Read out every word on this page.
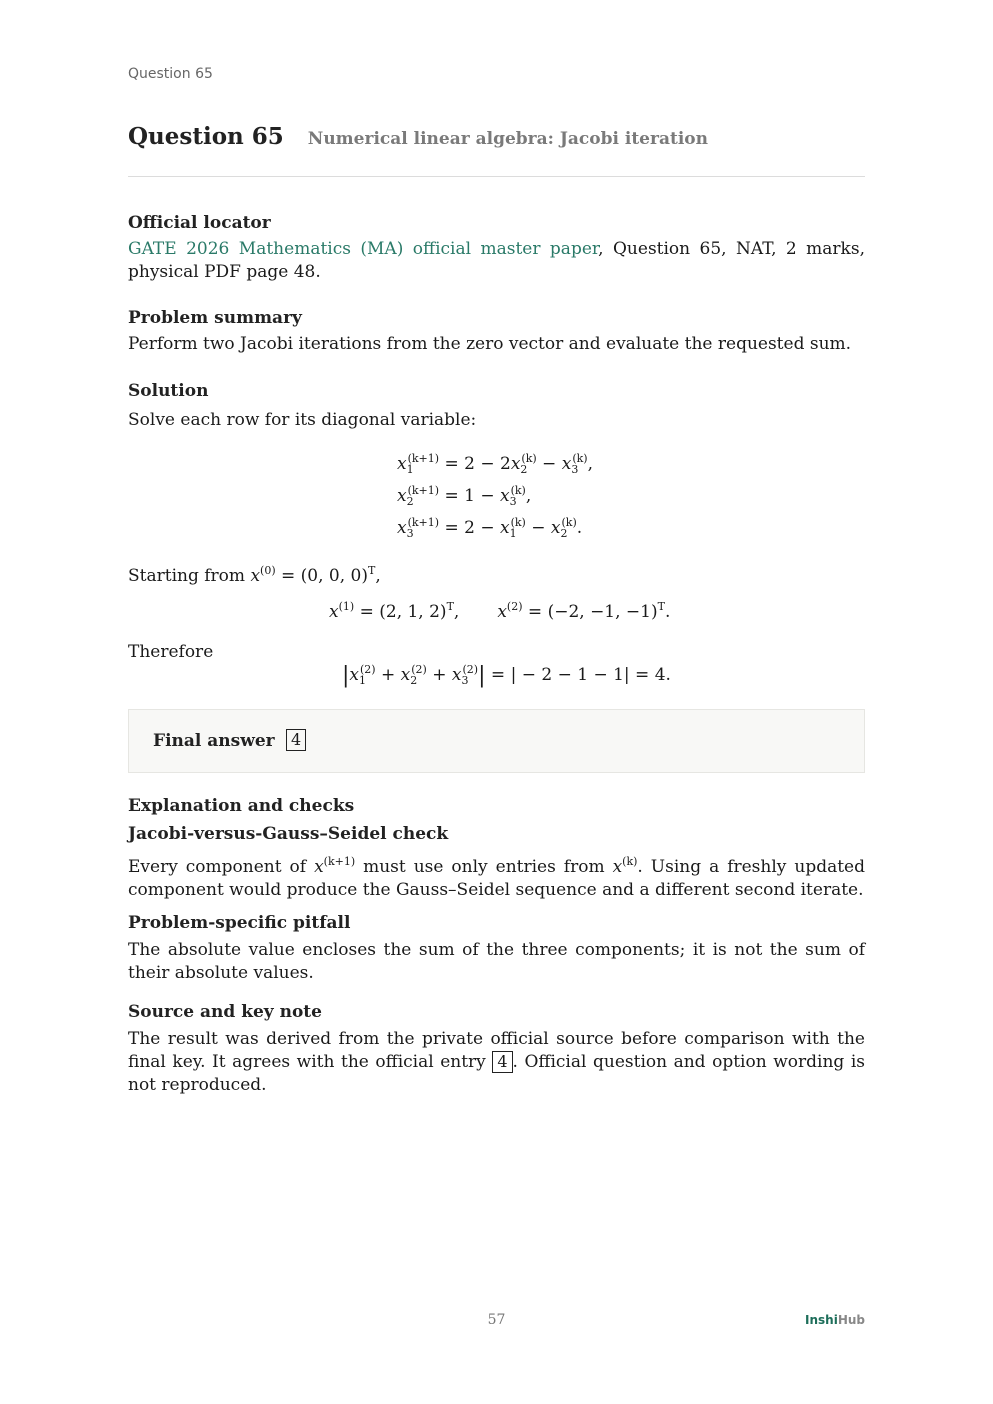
Question 65
Question 65 Numerical linear algebra: Jacobi iteration
Official locator
GATE 2026 Mathematics (MA) official master paper, Question 65, NAT, 2 marks, physical PDF page 48.
Problem summary
Perform two Jacobi iterations from the zero vector and evaluate the requested sum.
Solution
Solve each row for its diagonal variable:
$x_1^{(k+1)} = 2 - 2x_2^{(k)} - x_3^{(k)}$,
$x_2^{(k+1)} = 1 - x_3^{(k)}$,
$x_3^{(k+1)} = 2 - x_1^{(k)} - x_2^{(k)}$.
Starting from $x^{(0)} = (0$, 0, 0)$^T$,
$x^{(1)} = (2$, 1, 2)$^T$, $x^{(2)} = (-2$, −1, −1)$^T$.
Therefore
$|x_1^{(2)} + x_2^{(2)} + x_3^{(2)}|$ = | − 2 − 1 − 1| = 4.
Final answer	4
Explanation and checks
Jacobi-versus-Gauss–Seidel check
Every component of $x^{(k+1)}$ must use only entries from $x^{(k)}$. Using a freshly updated component would produce the Gauss–Seidel sequence and a different second iterate.
Problem-specific pitfall
The absolute value encloses the sum of the three components; it is not the sum of their absolute values.
Source and key note
The result was derived from the private official source before comparison with the final key. It agrees with the official entry 4 . Official question and option wording is not reproduced.
57	InshiHub
